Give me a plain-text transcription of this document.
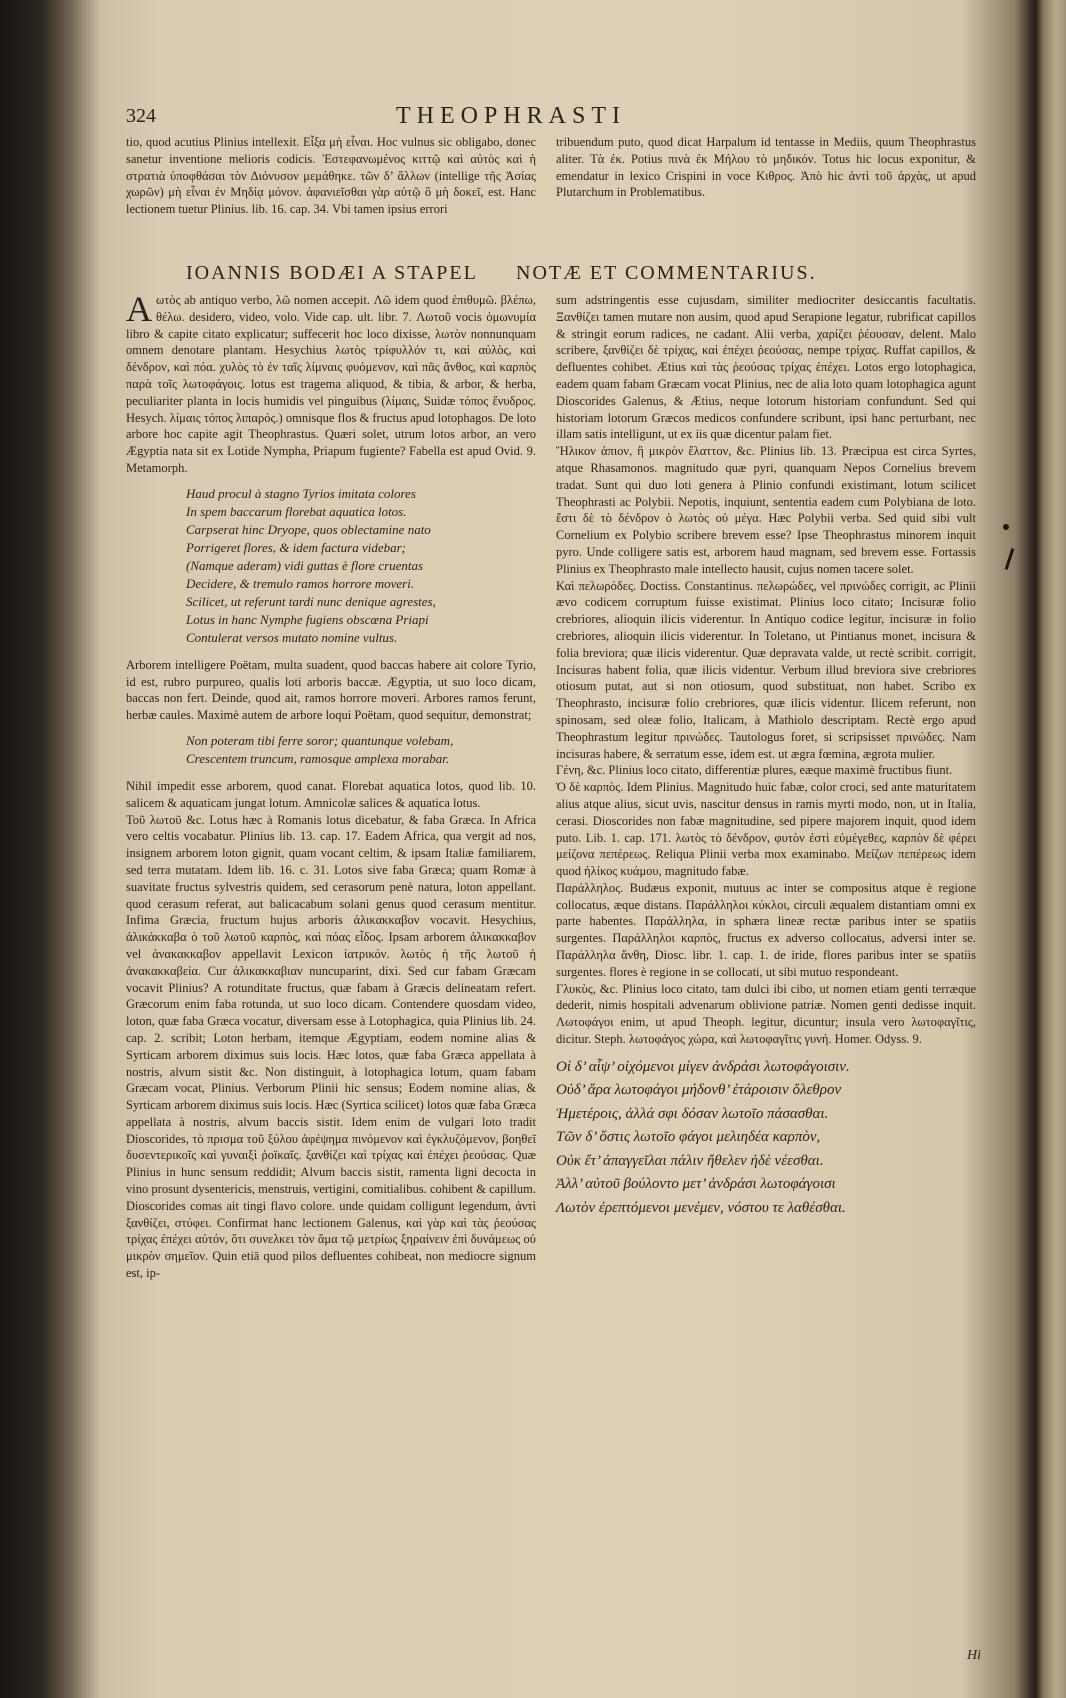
324	THEOPHRASTI

tio, quod acutius Plinius intellexit. Εἶξα μὴ εἶναι. Hoc vulnus sic obligabo, donec sanetur inventione melioris codicis. Ἐστεφανωμένος κιττῷ καὶ αὐτὸς καὶ ἡ στρατιὰ ὑποφθάσαι τὸν Διόνυσον μεμάθηκε. τῶν δ’ ἄλλων (intellige τῆς Ἀσίας χωρῶν) μὴ εἶναι ἐν Μηδίᾳ μόνον. ἀφανιεῖσθαι γὰρ αὐτῷ ὃ μὴ δοκεῖ, est. Hanc lectionem tuetur Plinius. lib. 16. cap. 34. Vbi tamen ipsius errori

tribuendum puto, quod dicat Harpalum id tentasse in Mediis, quum Theophrastus aliter. Τὰ ἐκ. Potius πινὰ ἐκ Μήλου τὸ μηδικόν. Totus hic locus exponitur, & emendatur in lexico Crispini in voce Κιθρος. Ἀπὸ hic ἀντὶ τοῦ ἀρχὰς, ut apud Plutarchum in Problematibus.

IOANNIS BODÆI A STAPEL NOTÆ ET COMMENTARIUS.

Aωτὸς ab antiquo verbo, λῶ nomen accepit. Λῶ idem quod ἐπιθυμῶ. βλέπω, θέλω. desidero, video, volo. Vide cap. ult. libr. 7. Λωτοῦ vocis ὁμωνυμία libro & capite citato explicatur; suffecerit hoc loco dixisse, λωτὸν nonnunquam omnem denotare plantam. Hesychius λωτὸς τρίφυλλόν τι, καὶ αὐλὸς, καὶ δένδρον, καὶ πόα. χυλὸς τὸ ἐν ταῖς λίμναις φυόμενον, καὶ πᾶς ἄνθος, καὶ καρπὸς παρὰ τοῖς λωτοφάγοις. lotus est tragema aliquod, & tibia, & arbor, & herba, peculiariter planta in locis humidis vel pinguibus (λίμαις, Suidæ τόπος ἔνυδρος. Hesych. λίμαις τόπος λιπαρός.) omnisque flos & fructus apud lotophagos. De loto arbore hoc capite agit Theophrastus. Quæri solet, utrum lotos arbor, an vero Ægyptia nata sit ex Lotide Nympha, Priapum fugiente? Fabella est apud Ovid. 9. Metamorph.

Haud procul à stagno Tyrios imitata colores
In spem baccarum florebat aquatica lotos.
Carpserat hinc Dryope, quos oblectamine nato
Porrigeret flores, & idem factura videbar;
(Namque aderam) vidi guttas è flore cruentas
Decidere, & tremulo ramos horrore moveri.
Scilicet, ut referunt tardi nunc denique agrestes,
Lotus in hanc Nymphe fugiens obscœna Priapi
Contulerat versos mutato nomine vultus.

Arborem intelligere Poëtam, multa suadent, quod baccas habere ait colore Tyrio, id est, rubro purpureo, qualis loti arboris baccæ. Ægyptia, ut suo loco dicam, baccas non fert. Deinde, quod ait, ramos horrore moveri. Arbores ramos ferunt, herbæ caules. Maximè autem de arbore loqui Poëtam, quod sequitur, demonstrat;

Non poteram tibi ferre soror; quantunque volebam,
Crescentem truncum, ramosque amplexa morabar.

Nihil impedit esse arborem, quod canat. Florebat aquatica lotos, quod lib. 10. salicem & aquaticam jungat lotum. Amnicolæ salices & aquatica lotus.

Τοῦ λωτοῦ &c. Lotus hæc à Romanis lotus dicebatur, & faba Græca. In Africa vero celtis vocabatur. Plinius lib. 13. cap. 17. Eadem Africa, qua vergit ad nos, insignem arborem loton gignit, quam vocant celtim, & ipsam Italiæ familiarem, sed terra mutatam. Idem lib. 16. c. 31. Lotos sive faba Græca; quam Romæ à suavitate fructus sylvestris quidem, sed cerasorum penè natura, loton appellant. quod cerasum referat, aut balicacabum solani genus quod cerasum mentitur. Infima Græcia, fructum hujus arboris ἀλικακκαβον vocavit. Hesychius, ἀλικάκκαβα ὁ τοῦ λωτοῦ καρπὸς, καὶ πόας εἶδος. Ipsam arborem ἀλικακκαβον vel ἀνακακκαβον appellavit Lexicon ἰατρικόν. λωτὸς ἡ τῆς λωτοῦ ἡ ἀνακακκαβεία. Cur ἀλικακκαβιαν nuncuparint, dixi. Sed cur fabam Græcam vocavit Plinius? A rotunditate fructus, quæ fabam à Græcis delineatam refert. Græcorum enim faba rotunda, ut suo loco dicam. Contendere quosdam video, loton, quæ faba Græca vocatur, diversam esse à Lotophagica, quia Plinius lib. 24. cap. 2. scribit; Loton herbam, itemque Ægyptiam, eodem nomine alias & Syrticam arborem diximus suis locis. Hæc lotos, quæ faba Græca appellata à nostris, alvum sistit &c. Non distinguit, à lotophagica lotum, quam fabam Græcam vocat, Plinius. Verborum Plinii hic sensus; Eodem nomine alias, & Syrticam arborem diximus suis locis. Hæc (Syrtica scilicet) lotos quæ faba Græca appellata à nostris, alvum baccis sistit. Idem enim de vulgari loto tradit Dioscorides, τὸ πρισμα τοῦ ξύλου ἀφέψημα πινόμενον καὶ ἐγκλυζόμενον, βοηθεῖ δυσεντερικοῖς καὶ γυναιξὶ ῥοϊκαῖς. ξανθίζει καὶ τρίχας καὶ ἐπέχει ῥεούσας. Quæ Plinius in hunc sensum reddidit; Alvum baccis sistit, ramenta ligni decocta in vino prosunt dysentericis, menstruis, vertigini, comitialibus. cohibent & capillum. Dioscorides comas ait tingi flavo colore. unde quidam colligunt legendum, ἀντὶ ξανθίζει, στύφει. Confirmat hanc lectionem Galenus, καὶ γὰρ καὶ τὰς ῥεούσας τρίχας ἐπέχει αὐτόν, ὅτι συνελκει τὸν ἅμα τῷ μετρίως ξηραίνειν ἐπὶ δυνάμεως οὐ μικρὸν σημεῖον. Quin etiā quod pilos defluentes cohibeat, non mediocre signum est, ip-

sum adstringentis esse cujusdam, similiter mediocriter desiccantis facultatis. Ξανθίζει tamen mutare non ausim, quod apud Serapione legatur, rubrificat capillos & stringit eorum radices, ne cadant. Alii verba, χαρίζει ῥέουσαν, delent. Malo scribere, ξανθίζει δὲ τρίχας, καὶ ἐπέχει ῥεούσας, nempe τρίχας. Ruffat capillos, & defluentes cohibet. Ætius καὶ τὰς ῥεούσας τρίχας ἐπέχει. Lotos ergo lotophagica, eadem quam fabam Græcam vocat Plinius, nec de alia loto quam lotophagica agunt Dioscorides Galenus, & Ætius, neque lotorum historiam confundunt. Sed qui historiam lotorum Græcos medicos confundere scribunt, ipsi hanc perturbant, nec illam satis intelligunt, ut ex iis quæ dicentur palam fiet.

Ἥλικον ἀπιον, ἢ μικρὸν ἔλαττον, &c. Plinius lib. 13. Præcipua est circa Syrtes, atque Rhasamonos. magnitudo quæ pyri, quanquam Nepos Cornelius brevem tradat. Sunt qui duo loti genera à Plinio confundi existimant, lotum scilicet Theophrasti ac Polybii. Nepotis, inquiunt, sententia eadem cum Polybiana de loto. ἔστι δὲ τὸ δένδρον ὁ λωτὸς οὐ μέγα. Hæc Polybii verba. Sed quid sibi vult Cornelium ex Polybio scribere brevem esse? Ipse Theophrastus minorem inquit pyro. Unde colligere satis est, arborem haud magnam, sed brevem esse. Fortassis Plinius ex Theophrasto male intellecto hausit, cujus nomen tacere solet.

Καὶ πελωρόδες. Doctiss. Constantinus. πελωρώδες, vel πρινώδες corrigit, ac Plinii ævo codicem corruptum fuisse existimat. Plinius loco citato; Incisuræ folio crebriores, alioquin ilicis viderentur. In Antiquo codice legitur, incisuræ in folio crebriores, alioquin ilicis viderentur. In Toletano, ut Pintianus monet, incisura & folia breviora; quæ ilicis viderentur. Quæ depravata valde, ut rectè scribit. corrigit, Incisuras habent folia, quæ ilicis videntur. Verbum illud breviora sive crebriores otiosum putat, aut si non otiosum, quod substituat, non habet. Scribo ex Theophrasto, incisuræ folio crebriores, quæ ilicis videntur. Ilicem referunt, non spinosam, sed oleæ folio, Italicam, à Mathiolo descriptam. Rectè ergo apud Theophrastum legitur πρινώδες. Tautologus foret, si scripsisset πρινώδες. Nam incisuras habere, & serratum esse, idem est. ut ægra fœmina, ægrota mulier.

Γένη, &c. Plinius loco citato, differentiæ plures, eæque maximè fructibus fiunt.

Ὁ δὲ καρπὸς. Idem Plinius. Magnitudo huic fabæ, color croci, sed ante maturitatem alius atque alius, sicut uvis, nascitur densus in ramis myrti modo, non, ut in Italia, cerasi. Dioscorides non fabæ magnitudine, sed pipere majorem inquit, quod idem puto. Lib. 1. cap. 171. λωτὸς τὸ δένδρον, φυτὸν ἐστὶ εὐμέγεθες, καρπὸν δὲ φέρει μείζονα πεπέρεως. Reliqua Plinii verba mox examinabo. Μείζων πεπέρεως idem quod ἡλίκος κυάμου, magnitudo fabæ.

Παράλληλος. Budæus exponit, mutuus ac inter se compositus atque è regione collocatus, æque distans. Παράλληλοι κύκλοι, circuli æqualem distantiam omni ex parte habentes. Παράλληλα, in sphæra lineæ rectæ paribus inter se spatiis surgentes. Παράλληλοι καρπὸς, fructus ex adverso collocatus, adversi inter se. Παράλληλα ἄνθη, Diosc. libr. 1. cap. 1. de iride, flores paribus inter se spatiis surgentes. flores è regione in se collocati, ut sibi mutuo respondeant.

Γλυκὺς, &c. Plinius loco citato, tam dulci ibi cibo, ut nomen etiam genti terræque dederit, nimis hospitali advenarum oblivione patriæ. Nomen genti dedisse inquit. Λωτοφάγοι enim, ut apud Theoph. legitur, dicuntur; insula vero λωτοφαγῖτις, dicitur. Steph. λωτοφάγος χώρα, καὶ λωτοφαγῖτις γυνή. Homer. Odyss. 9.

Οἱ δ’ αἶψ’ οἰχόμενοι μίγεν ἀνδράσι λωτοφάγοισιν.
Οὐδ’ ἄρα λωτοφάγοι μήδονθ’ ἑτάροισιν ὄλεθρον
Ἡμετέροις, ἀλλά σφι δόσαν λωτοῖο πάσασθαι.
Τῶν δ’ ὅστις λωτοῖο φάγοι μελιηδέα καρπὸν,
Οὐκ ἔτ’ ἀπαγγεῖλαι πάλιν ἤθελεν ἠδὲ νέεσθαι.
Ἀλλ’ αὐτοῦ βούλοντο μετ’ ἀνδράσι λωτοφάγοισι
Λωτὸν ἐρεπτόμενοι μενέμεν, νόστου τε λαθέσθαι.
Hi
